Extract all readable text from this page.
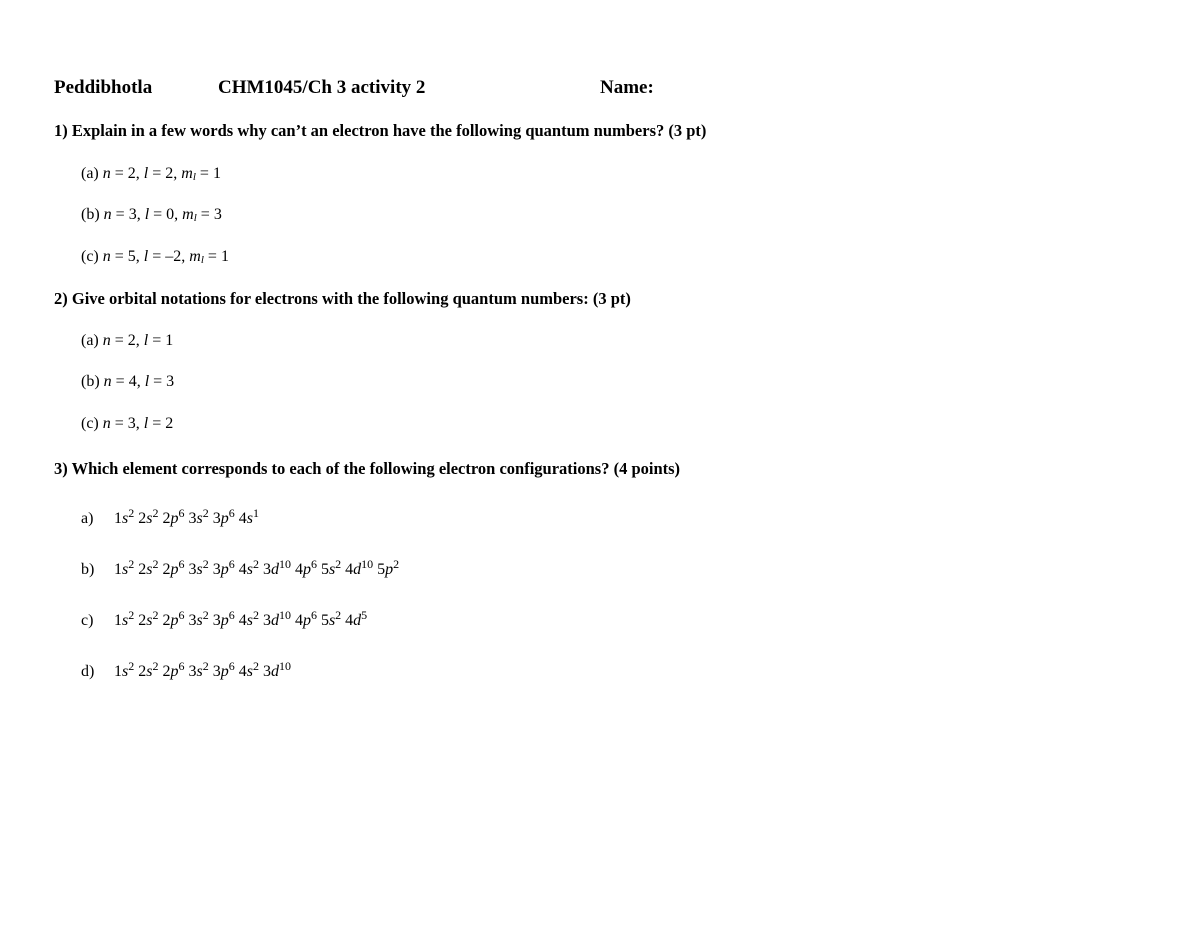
Peddibhotla	CHM1045/Ch 3 activity 2	Name:
1) Explain in a few words why can’t an electron have the following quantum numbers? (3 pt)
(a) n = 2, l = 2, ml = 1
(b) n = 3, l = 0, ml = 3
(c) n = 5, l = –2, ml = 1
2) Give orbital notations for electrons with the following quantum numbers: (3 pt)
(a) n = 2, l = 1
(b) n = 4, l = 3
(c) n = 3, l = 2
3) Which element corresponds to each of the following electron configurations? (4 points)
a) $1s^2$ $2s^2$ $2p^6$ $3s^2$ $3p^6$ $4s^1$
b) $1s^2$ $2s^2$ $2p^6$ $3s^2$ $3p^6$ $4s^2$ $3d^{10}$ $4p^6$ $5s^2$ $4d^{10}$ $5p^2$
c) $1s^2$ $2s^2$ $2p^6$ $3s^2$ $3p^6$ $4s^2$ $3d^{10}$ $4p^6$ $5s^2$ $4d^5$
d) $1s^2$ $2s^2$ $2p^6$ $3s^2$ $3p^6$ $4s^2$ $3d^{10}$
